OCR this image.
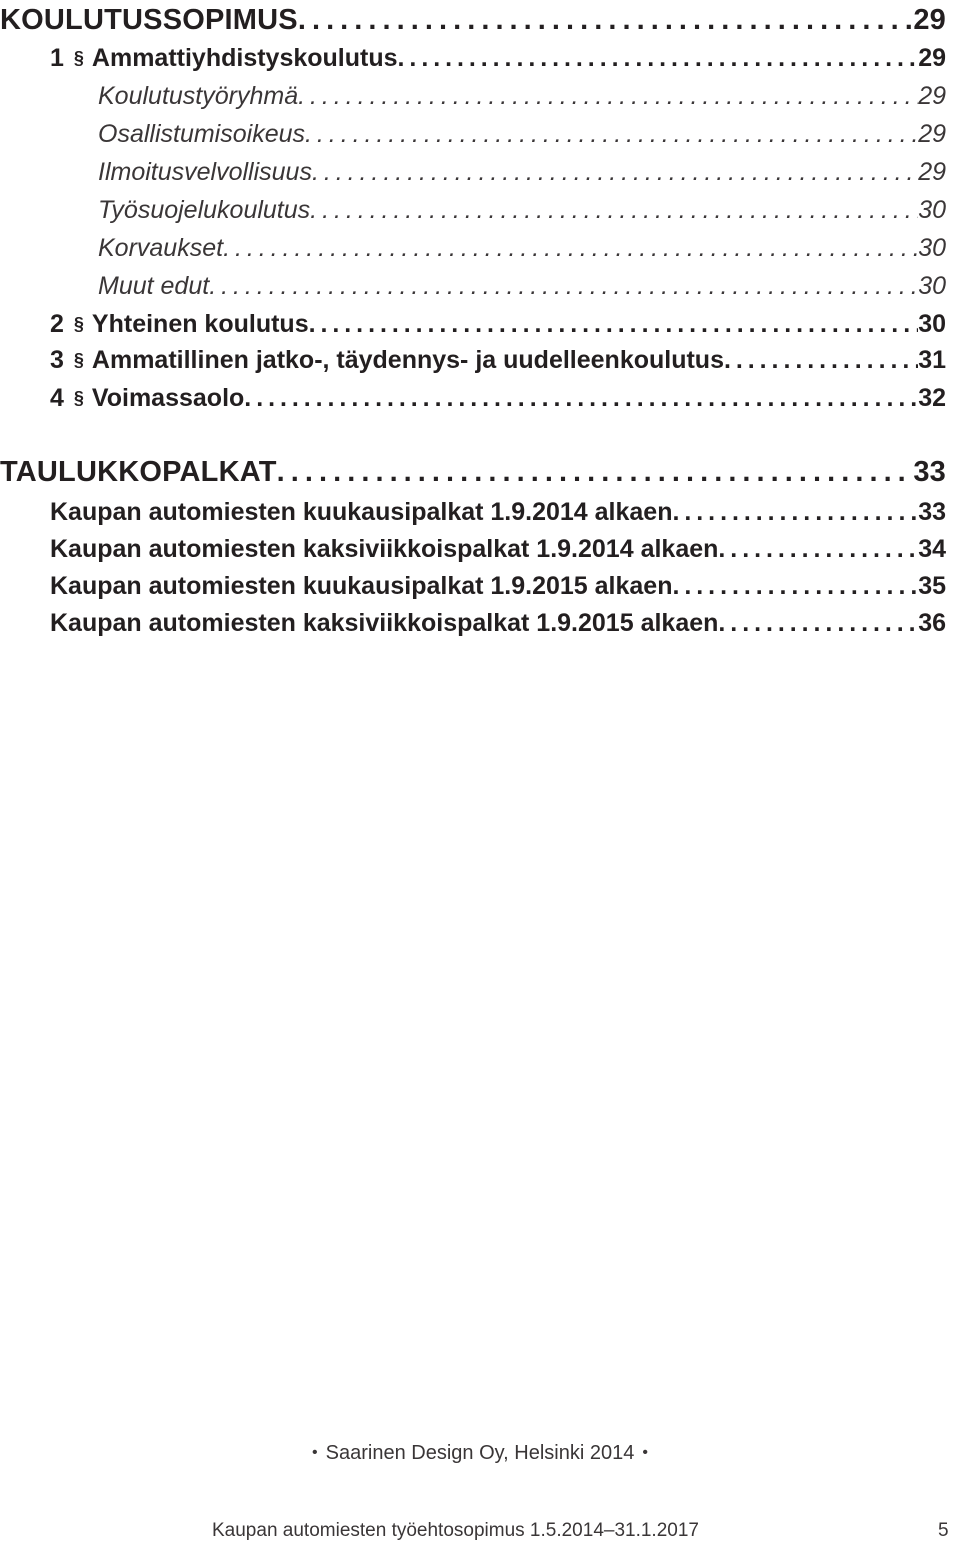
KOULUTUSSOPIMUS . . .	29
1 § Ammattiyhdistyskoulutus . . .	29
Koulutustyöryhmä . . .	29
Osallistumisoikeus . . .	29
Ilmoitusvelvollisuus . . .	29
Työsuojelukoulutus . . .	30
Korvaukset . . .	30
Muut edut . . .	30
2 § Yhteinen koulutus . . .	30
3 § Ammatillinen jatko-, täydennys- ja uudelleenkoulutus . . .	31
4 § Voimassaolo . . .	32
TAULUKKOPALKAT . . .	33
Kaupan automiesten kuukausipalkat 1.9.2014 alkaen . . .	33
Kaupan automiesten kaksiviikkoispalkat 1.9.2014 alkaen . . .	34
Kaupan automiesten kuukausipalkat 1.9.2015 alkaen . . .	35
Kaupan automiesten kaksiviikkoispalkat 1.9.2015 alkaen . . .	36
• Saarinen Design Oy, Helsinki 2014 •
Kaupan automiesten työehtosopimus 1.5.2014–31.1.2017	5
